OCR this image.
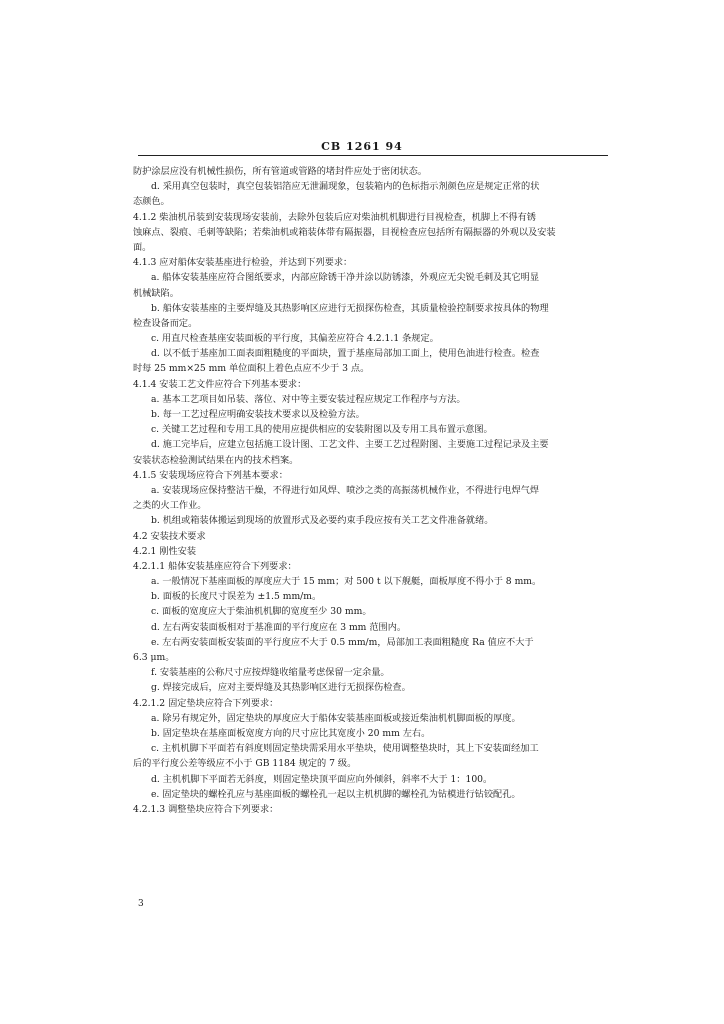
CB 1261 94
防护涂层应没有机械性损伤，所有管道或管路的堵封件应处于密闭状态。
d. 采用真空包装时，真空包装铝箔应无泄漏现象，包装箱内的色标指示剂颜色应是规定正常的状
态颜色。
4.1.2 柴油机吊装到安装现场安装前，去除外包装后应对柴油机机脚进行目视检查，机脚上不得有锈
蚀麻点、裂痕、毛刺等缺陷；若柴油机或箱装体带有隔振器，目视检查应包括所有隔振器的外观以及安装
面。
4.1.3 应对船体安装基座进行检验，并达到下列要求：
a. 船体安装基座应符合图纸要求，内部应除锈干净并涂以防锈漆，外观应无尖锐毛刺及其它明显
机械缺陷。
b. 船体安装基座的主要焊缝及其热影响区应进行无损探伤检查，其质量检验控制要求按具体的物理
检查设备而定。
c. 用直尺检查基座安装面板的平行度，其偏差应符合 4.2.1.1 条规定。
d. 以不低于基座加工面表面粗糙度的平面块，置于基座局部加工面上，使用色油进行检查。检查
时每 25 mm×25 mm 单位面积上着色点应不少于 3 点。
4.1.4 安装工艺文件应符合下列基本要求：
a. 基本工艺项目如吊装、落位、对中等主要安装过程应规定工作程序与方法。
b. 每一工艺过程应明确安装技术要求以及检验方法。
c. 关键工艺过程和专用工具的使用应提供相应的安装附图以及专用工具布置示意图。
d. 施工完毕后，应建立包括施工设计图、工艺文件、主要工艺过程附图、主要施工过程记录及主要
安装状态检验测试结果在内的技术档案。
4.1.5 安装现场应符合下列基本要求：
a. 安装现场应保持整洁干燥，不得进行如风焊、喷沙之类的高振荡机械作业，不得进行电焊气焊
之类的火工作业。
b. 机组或箱装体搬运到现场的放置形式及必要约束手段应按有关工艺文件准备就绪。
4.2 安装技术要求
4.2.1 刚性安装
4.2.1.1 船体安装基座应符合下列要求：
a. 一般情况下基座面板的厚度应大于 15 mm；对 500 t 以下舰艇，面板厚度不得小于 8 mm。
b. 面板的长度尺寸误差为 ±1.5 mm/m。
c. 面板的宽度应大于柴油机机脚的宽度至少 30 mm。
d. 左右两安装面板相对于基准面的平行度应在 3 mm 范围内。
e. 左右两安装面板安装面的平行度应不大于 0.5 mm/m，局部加工表面粗糙度 Ra 值应不大于
6.3 μm。
f. 安装基座的公称尺寸应按焊缝收缩量考虑保留一定余量。
g. 焊接完成后，应对主要焊缝及其热影响区进行无损探伤检查。
4.2.1.2 固定垫块应符合下列要求：
a. 除另有规定外，固定垫块的厚度应大于船体安装基座面板或接近柴油机机脚面板的厚度。
b. 固定垫块在基座面板宽度方向的尺寸应比其宽度小 20 mm 左右。
c. 主机机脚下平面若有斜度则固定垫块需采用水平垫块，使用调整垫块时，其上下安装面经加工
后的平行度公差等级应不小于 GB 1184 规定的 7 级。
d. 主机机脚下平面若无斜度，则固定垫块顶平面应向外倾斜，斜率不大于 1：100。
e. 固定垫块的螺栓孔应与基座面板的螺栓孔一起以主机机脚的螺栓孔为钻模进行钻铰配孔。
4.2.1.3 调整垫块应符合下列要求：
3
